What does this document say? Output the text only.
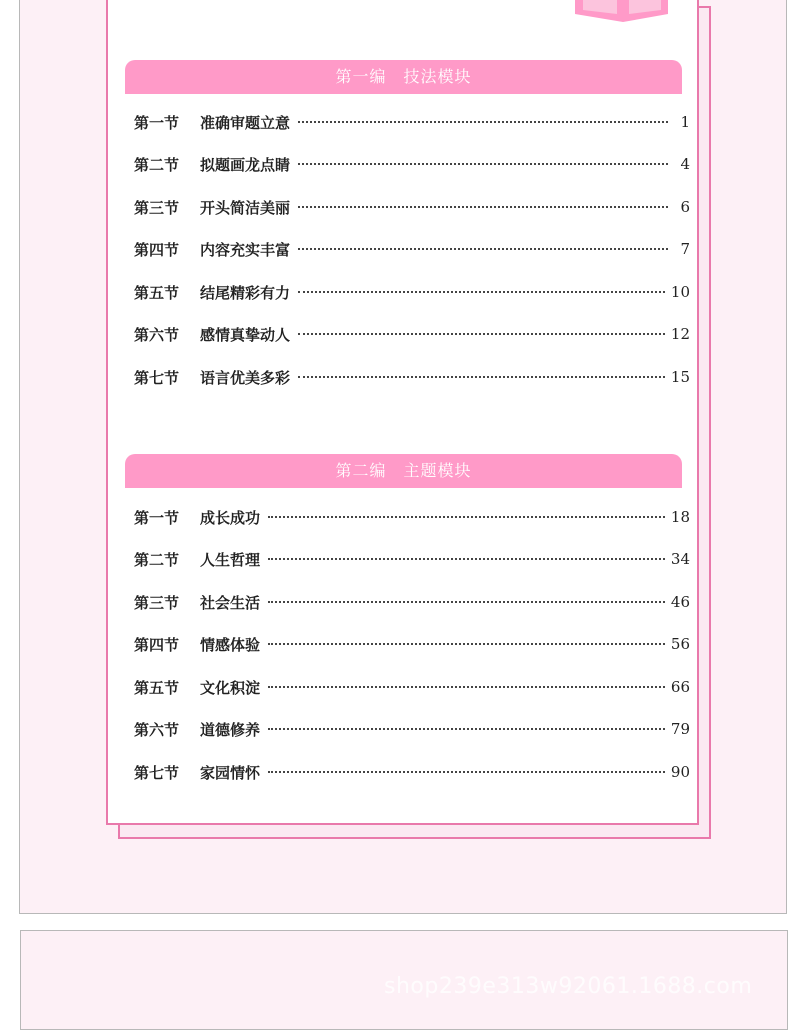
第一编　技法模块
第一节	准确审题立意	1
第二节	拟题画龙点睛	4
第三节	开头简洁美丽	6
第四节	内容充实丰富	7
第五节	结尾精彩有力	10
第六节	感情真挚动人	12
第七节	语言优美多彩	15
第二编　主题模块
第一节	成长成功	18
第二节	人生哲理	34
第三节	社会生活	46
第四节	情感体验	56
第五节	文化积淀	66
第六节	道德修养	79
第七节	家园情怀	90
shop239e313w92061.1688.com
